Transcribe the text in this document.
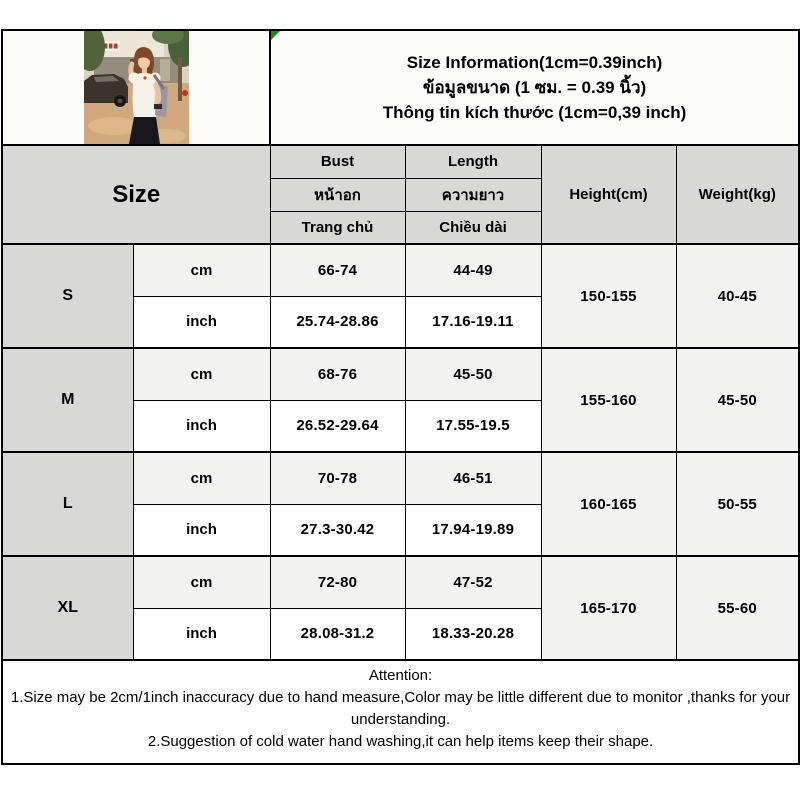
Size Information(1cm=0.39inch)
ข้อมูลขนาด (1 ซม. = 0.39 นิ้ว)
Thông tin kích thước (1cm=0,39 inch)			

Size		Bust	Length	Height(cm)	Weight(kg)
		หน้าอก	ความยาว		
		Trang chủ	Chiều dài		
S	cm	66-74	44-49	150-155	40-45
	inch	25.74-28.86	17.16-19.11		
M	cm	68-76	45-50	155-160	45-50
	inch	26.52-29.64	17.55-19.5		
L	cm	70-78	46-51	160-165	50-55
	inch	27.3-30.42	17.94-19.89		
XL	cm	72-80	47-52	165-170	55-60
	inch	28.08-31.2	18.33-20.28		

Attention:
1.Size may be 2cm/1inch inaccuracy due to hand measure,Color may be little different due to monitor ,thanks for your
understanding.
2.Suggestion of cold water hand washing,it can help items keep their shape.					
